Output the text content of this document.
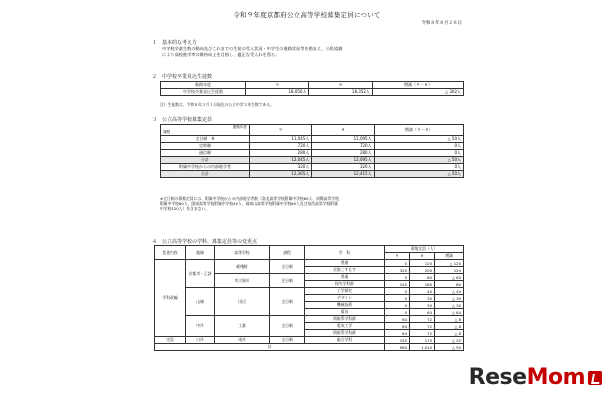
令和９年度京都府公立高等学校募集定員について
令和８年８月２８日
１　基本的な考え方
中学校卒業生数の動向及びこれまでの生徒の受入状況・中学生の進路状況等を踏まえ、公私協調
により高校進学率の維持向上を目指し、適正な受入れを図る。
２　中学校卒業見込生徒数
進路年度	９	８	増減（９－８）
中学校卒業見込生徒数	18,050人	18,352人	△ 302人
注）生徒数は、令和８年５月１日現在の公立中学３年生数である。
３　公立高等学校募集定員
進路年度
課程	９	８	増減（９－８）
全日制　※	11,045人	11,095人	△ 50人
定時制	720人	720人	0人
通信制	280人	280人	0人
小計	12,045人	12,095人	△ 50人
附属中学校からの内部進学者	320人	320人	0人
合計	12,365人	12,415人	△ 50人
※全日制の募集定員には、附属中学校からの内部進学者数（洛北高等学校附属中学校80人、南陽高等学校
附属中学校80人、園部高等学校附属中学校40人、福知山高等学校附属中学校80人及び洛西高等学校附属
中学校120人）を含まない。
４　公立高等学校の学科、募集定員等の変更点
変更内容	地域	高等学校	課程	学　科	募集定員（人）		
					９	８	増減
学科改編	京都市・乙訓	嵯峨野	全日制	普通	0	120	△ 120
				京都こすもす	320	200	120
		市立堀川	全日制	普通	0	80	△ 80
				探究学科群	240	160	80
	山城	田辺	全日制	工学探究	0	40	△ 40
				デザイン	0	30	△ 30
				機械技術	0	30	△ 30
				電気	0	64	△ 64
	中丹	工業	全日制	情報系学科群	64	72	△ 8
				電気工学	64	72	△ 8
				情報系学科群	64	72	△ 8
定員	口丹	南丹	全日制	総合学科	150	170	△ 20
計					960	1,010	△ 50
ReseMom
